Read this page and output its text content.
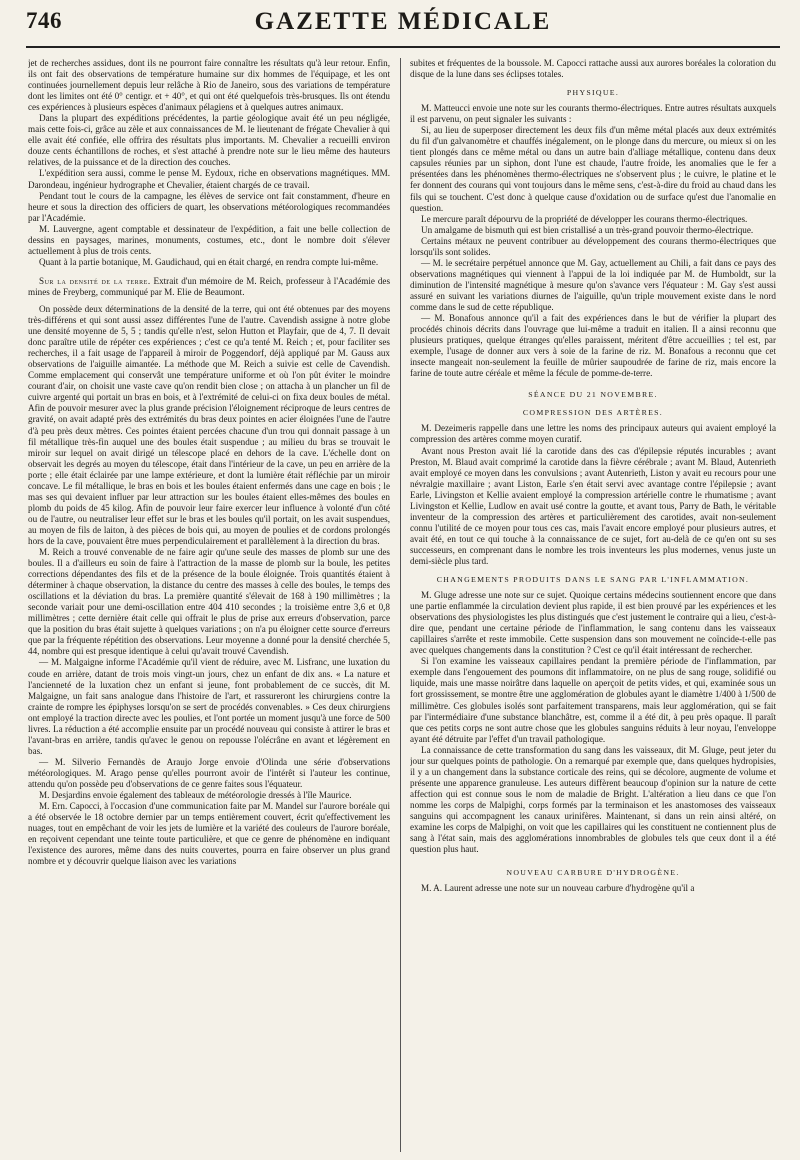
746	GAZETTE MÉDICALE

jet de recherches assidues, dont ils ne pourront faire connaître les résultats qu'à leur retour. Enfin, ils ont fait des observations de température humaine sur dix hommes de l'équipage, et les ont continuées journellement depuis leur relâche à Rio de Janeiro, sous des variations de température dont les limites ont été 0° centigr. et + 40°, et qui ont été quelquefois très-brusques. Ils ont étendu ces expériences à plusieurs espèces d'animaux pélagiens et à quelques autres animaux.

Dans la plupart des expéditions précédentes, la partie géologique avait été un peu négligée, mais cette fois-ci, grâce au zèle et aux connaissances de M. le lieutenant de frégate Chevalier à qui elle avait été confiée, elle offrira des résultats plus importants. M. Chevalier a recueilli environ douze cents échantillons de roches, et s'est attaché à prendre note sur le lieu même des hauteurs relatives, de la puissance et de la direction des couches.

L'expédition sera aussi, comme le pense M. Eydoux, riche en observations magnétiques. MM. Darondeau, ingénieur hydrographe et Chevalier, étaient chargés de ce travail.

Pendant tout le cours de la campagne, les élèves de service ont fait constamment, d'heure en heure et sous la direction des officiers de quart, les observations météorologiques recommandées par l'Académie.

M. Lauvergne, agent comptable et dessinateur de l'expédition, a fait une belle collection de dessins en paysages, marines, monuments, costumes, etc., dont le nombre doit s'élever actuellement à plus de trois cents.

Quant à la partie botanique, M. Gaudichaud, qui en était chargé, en rendra compte lui-même.

Sur la densité de la terre. Extrait d'un mémoire de M. Reich, professeur à l'Académie des mines de Freyberg, communiqué par M. Elie de Beaumont.

On possède deux déterminations de la densité de la terre, qui ont été obtenues par des moyens très-différens et qui sont aussi assez différentes l'une de l'autre. Cavendish assigne à notre globe une densité moyenne de 5, 5 ; tandis qu'elle n'est, selon Hutton et Playfair, que de 4, 7. Il devait donc paraître utile de répéter ces expériences ; c'est ce qu'a tenté M. Reich ; et, pour faciliter ses recherches, il a fait usage de l'appareil à miroir de Poggendorf, déjà appliqué par M. Gauss aux observations de l'aiguille aimantée. La méthode que M. Reich a suivie est celle de Cavendish. Comme emplacement qui conservât une température uniforme et où l'on pût éviter le moindre courant d'air, on choisit une vaste cave qu'on rendit bien close ; on attacha à un plancher un fil de cuivre argenté qui portait un bras en bois, et à l'extrémité de celui-ci on fixa deux boules de métal. Afin de pouvoir mesurer avec la plus grande précision l'éloignement réciproque de leurs centres de gravité, on avait adapté près des extrémités du bras deux pointes en acier éloignées l'une de l'autre d'à peu près deux mètres. Ces pointes étaient percées chacune d'un trou qui donnait passage à un fil métallique très-fin auquel une des boules était suspendue ; au milieu du bras se trouvait le miroir sur lequel on avait dirigé un télescope placé en dehors de la cave. L'échelle dont on observait les degrés au moyen du télescope, était dans l'intérieur de la cave, un peu en arrière de la porte ; elle était éclairée par une lampe extérieure, et dont la lumière était réfléchie par un miroir concave. Le fil métallique, le bras en bois et les boules étaient enfermés dans une cage en bois ; le mas ses qui devaient influer par leur attraction sur les boules étaient elles-mêmes des boules en plomb du poids de 45 kilog. Afin de pouvoir leur faire exercer leur influence à volonté d'un côté ou de l'autre, ou neutraliser leur effet sur le bras et les boules qu'il portait, on les avait suspendues, au moyen de fils de laiton, à des pièces de bois qui, au moyen de poulies et de cordons prolongés hors de la cave, pouvaient être mues perpendiculairement et parallèlement à la direction du bras.

M. Reich a trouvé convenable de ne faire agir qu'une seule des masses de plomb sur une des boules. Il a d'ailleurs eu soin de faire à l'attraction de la masse de plomb sur la boule, les petites corrections dépendantes des fils et de la présence de la boule éloignée. Trois quantités étaient à déterminer à chaque observation, la distance du centre des masses à celle des boules, le temps des oscillations et la déviation du bras. La première quantité s'élevait de 168 à 190 millimètres ; la seconde variait pour une demi-oscillation entre 404 410 secondes ; la troisième entre 3,6 et 0,8 millimètres ; cette dernière était celle qui offrait le plus de prise aux erreurs d'observation, parce que la position du bras était sujette à quelques variations ; on n'a pu éloigner cette source d'erreurs que par la fréquente répétition des observations. Leur moyenne a donné pour la densité cherchée 5, 44, nombre qui est presque identique à celui qu'avait trouvé Cavendish.

— M. Malgaigne informe l'Académie qu'il vient de réduire, avec M. Lisfranc, une luxation du coude en arrière, datant de trois mois vingt-un jours, chez un enfant de dix ans. « La nature et l'ancienneté de la luxation chez un enfant si jeune, font probablement de ce succès, dit M. Malgaigne, un fait sans analogue dans l'histoire de l'art, et rassureront les chirurgiens contre la crainte de rompre les épiphyses lorsqu'on se sert de procédés convenables. » Ces deux chirurgiens ont employé la traction directe avec les poulies, et l'ont portée un moment jusqu'à une force de 500 livres. La réduction a été accomplie ensuite par un procédé nouveau qui consiste à attirer le bras et l'avant-bras en arrière, tandis qu'avec le genou on repousse l'olécrâne en avant et légèrement en bas.

— M. Silverio Fernandès de Araujo Jorge envoie d'Olinda une série d'observations météorologiques. M. Arago pense qu'elles pourront avoir de l'intérêt si l'auteur les continue, attendu qu'on possède peu d'observations de ce genre faites sous l'équateur.

M. Desjardins envoie également des tableaux de météorologie dressés à l'île Maurice.

M. Ern. Capocci, à l'occasion d'une communication faite par M. Mandel sur l'aurore boréale qui a été observée le 18 octobre dernier par un temps entièrement couvert, écrit qu'effectivement les nuages, tout en empêchant de voir les jets de lumière et la variété des couleurs de l'aurore boréale, en reçoivent cependant une teinte toute particulière, et que ce genre de phénomène en indiquant l'existence des aurores, même dans des nuits couvertes, pourra en faire observer un plus grand nombre et y découvrir quelque liaison avec les variations

subites et fréquentes de la boussole. M. Capocci rattache aussi aux aurores boréales la coloration du disque de la lune dans ses éclipses totales.

PHYSIQUE.

M. Matteucci envoie une note sur les courants thermo-électriques. Entre autres résultats auxquels il est parvenu, on peut signaler les suivants :

Si, au lieu de superposer directement les deux fils d'un même métal placés aux deux extrémités du fil d'un galvanomètre et chauffés inégalement, on le plonge dans du mercure, ou mieux si on les tient plongés dans ce même métal ou dans un autre bain d'alliage métallique, contenu dans deux capsules réunies par un siphon, dont l'une est chaude, l'autre froide, les anomalies que le fer a présentées dans les phénomènes thermo-électriques ne s'observent plus ; le cuivre, le platine et le fer donnent des courans qui vont toujours dans le même sens, c'est-à-dire du froid au chaud dans les fils qui se touchent. C'est donc à quelque cause d'oxidation ou de surface qu'est due l'anomalie en question.

Le mercure paraît dépourvu de la propriété de développer les courans thermo-électriques.

Un amalgame de bismuth qui est bien cristallisé a un très-grand pouvoir thermo-électrique.

Certains métaux ne peuvent contribuer au développement des courans thermo-électriques que lorsqu'ils sont solides.

— M. le secrétaire perpétuel annonce que M. Gay, actuellement au Chili, a fait dans ce pays des observations magnétiques qui viennent à l'appui de la loi indiquée par M. de Humboldt, sur la diminution de l'intensité magnétique à mesure qu'on s'avance vers l'équateur : M. Gay s'est aussi assuré en suivant les variations diurnes de l'aiguille, qu'un triple mouvement existe dans le nord comme dans le sud de cette république.

— M. Bonafous annonce qu'il a fait des expériences dans le but de vérifier la plupart des procédés chinois décrits dans l'ouvrage que lui-même a traduit en italien. Il a ainsi reconnu que plusieurs pratiques, quelque étranges qu'elles paraissent, méritent d'être accueillies ; tel est, par exemple, l'usage de donner aux vers à soie de la farine de riz. M. Bonafous a reconnu que cet insecte mangeait non-seulement la feuille de mûrier saupoudrée de farine de riz, mais encore la farine de toute autre céréale et même la fécule de pomme-de-terre.

SÉANCE DU 21 NOVEMBRE.
COMPRESSION DES ARTÈRES.

M. Dezeimeris rappelle dans une lettre les noms des principaux auteurs qui avaient employé la compression des artères comme moyen curatif.

Avant nous Preston avait lié la carotide dans des cas d'épilepsie réputés incurables ; avant Preston, M. Blaud avait comprimé la carotide dans la fièvre cérébrale ; avant M. Blaud, Autenrieth avait employé ce moyen dans les convulsions ; avant Autenrieth, Liston y avait eu recours pour une névralgie maxillaire ; avant Liston, Earle s'en était servi avec avantage contre l'épilepsie ; avant Earle, Livingston et Kellie avaient employé la compression artérielle contre le rhumatisme ; avant Livingston et Kellie, Ludlow en avait usé contre la goutte, et avant tous, Parry de Bath, le véritable inventeur de la compression des artères et particulièrement des carotides, avait non-seulement connu l'utilité de ce moyen pour tous ces cas, mais l'avait encore employé pour plusieurs autres, et avait été, en tout ce qui touche à la connaissance de ce sujet, fort au-delà de ce qu'en ont su ses successeurs, en comprenant dans le nombre les trois inventeurs les plus modernes, venus juste un demi-siècle plus tard.

CHANGEMENTS PRODUITS DANS LE SANG PAR L'INFLAMMATION.

M. Gluge adresse une note sur ce sujet. Quoique certains médecins soutiennent encore que dans une partie enflammée la circulation devient plus rapide, il est bien prouvé par les expériences et les observations des physiologistes les plus distingués que c'est justement le contraire qui a lieu, c'est-à-dire que, pendant une certaine période de l'inflammation, le sang contenu dans les vaisseaux capillaires s'arrête et reste immobile. Cette suspension dans son mouvement ne coïncide-t-elle pas avec quelques changements dans la constitution ? C'est ce qu'il était intéressant de rechercher.

Si l'on examine les vaisseaux capillaires pendant la première période de l'inflammation, par exemple dans l'engouement des poumons dit inflammatoire, on ne plus de sang rouge, solidifié ou liquide, mais une masse noirâtre dans laquelle on aperçoit de petits vides, et qui, examinée sous un fort grossissement, se montre être une agglomération de globules ayant le diamètre 1/400 à 1/500 de millimètre. Ces globules isolés sont parfaitement transparens, mais leur agglomération, qui se fait par l'intermédiaire d'une substance blanchâtre, est, comme il a été dit, à peu près opaque. Il paraît que ces petits corps ne sont autre chose que les globules sanguins réduits à leur noyau, l'enveloppe ayant été détruite par l'effet d'un travail pathologique.

La connaissance de cette transformation du sang dans les vaisseaux, dit M. Gluge, peut jeter du jour sur quelques points de pathologie. On a remarqué par exemple que, dans quelques hydropisies, il y a un changement dans la substance corticale des reins, qui se décolore, augmente de volume et présente une apparence granuleuse. Les auteurs diffèrent beaucoup d'opinion sur la nature de cette affection qui est connue sous le nom de maladie de Bright. L'altération a lieu dans ce que l'on nomme les corps de Malpighi, corps formés par la terminaison et les anastomoses des vaisseaux sanguins qui accompagnent les canaux urinifères. Maintenant, si dans un rein ainsi altéré, on examine les corps de Malpighi, on voit que les capillaires qui les constituent ne contiennent plus de sang à l'état sain, mais des agglomérations innombrables de globules tels que ceux dont il a été question plus haut.

NOUVEAU CARBURE D'HYDROGÈNE.

M. A. Laurent adresse une note sur un nouveau carbure d'hydrogène qu'il a
